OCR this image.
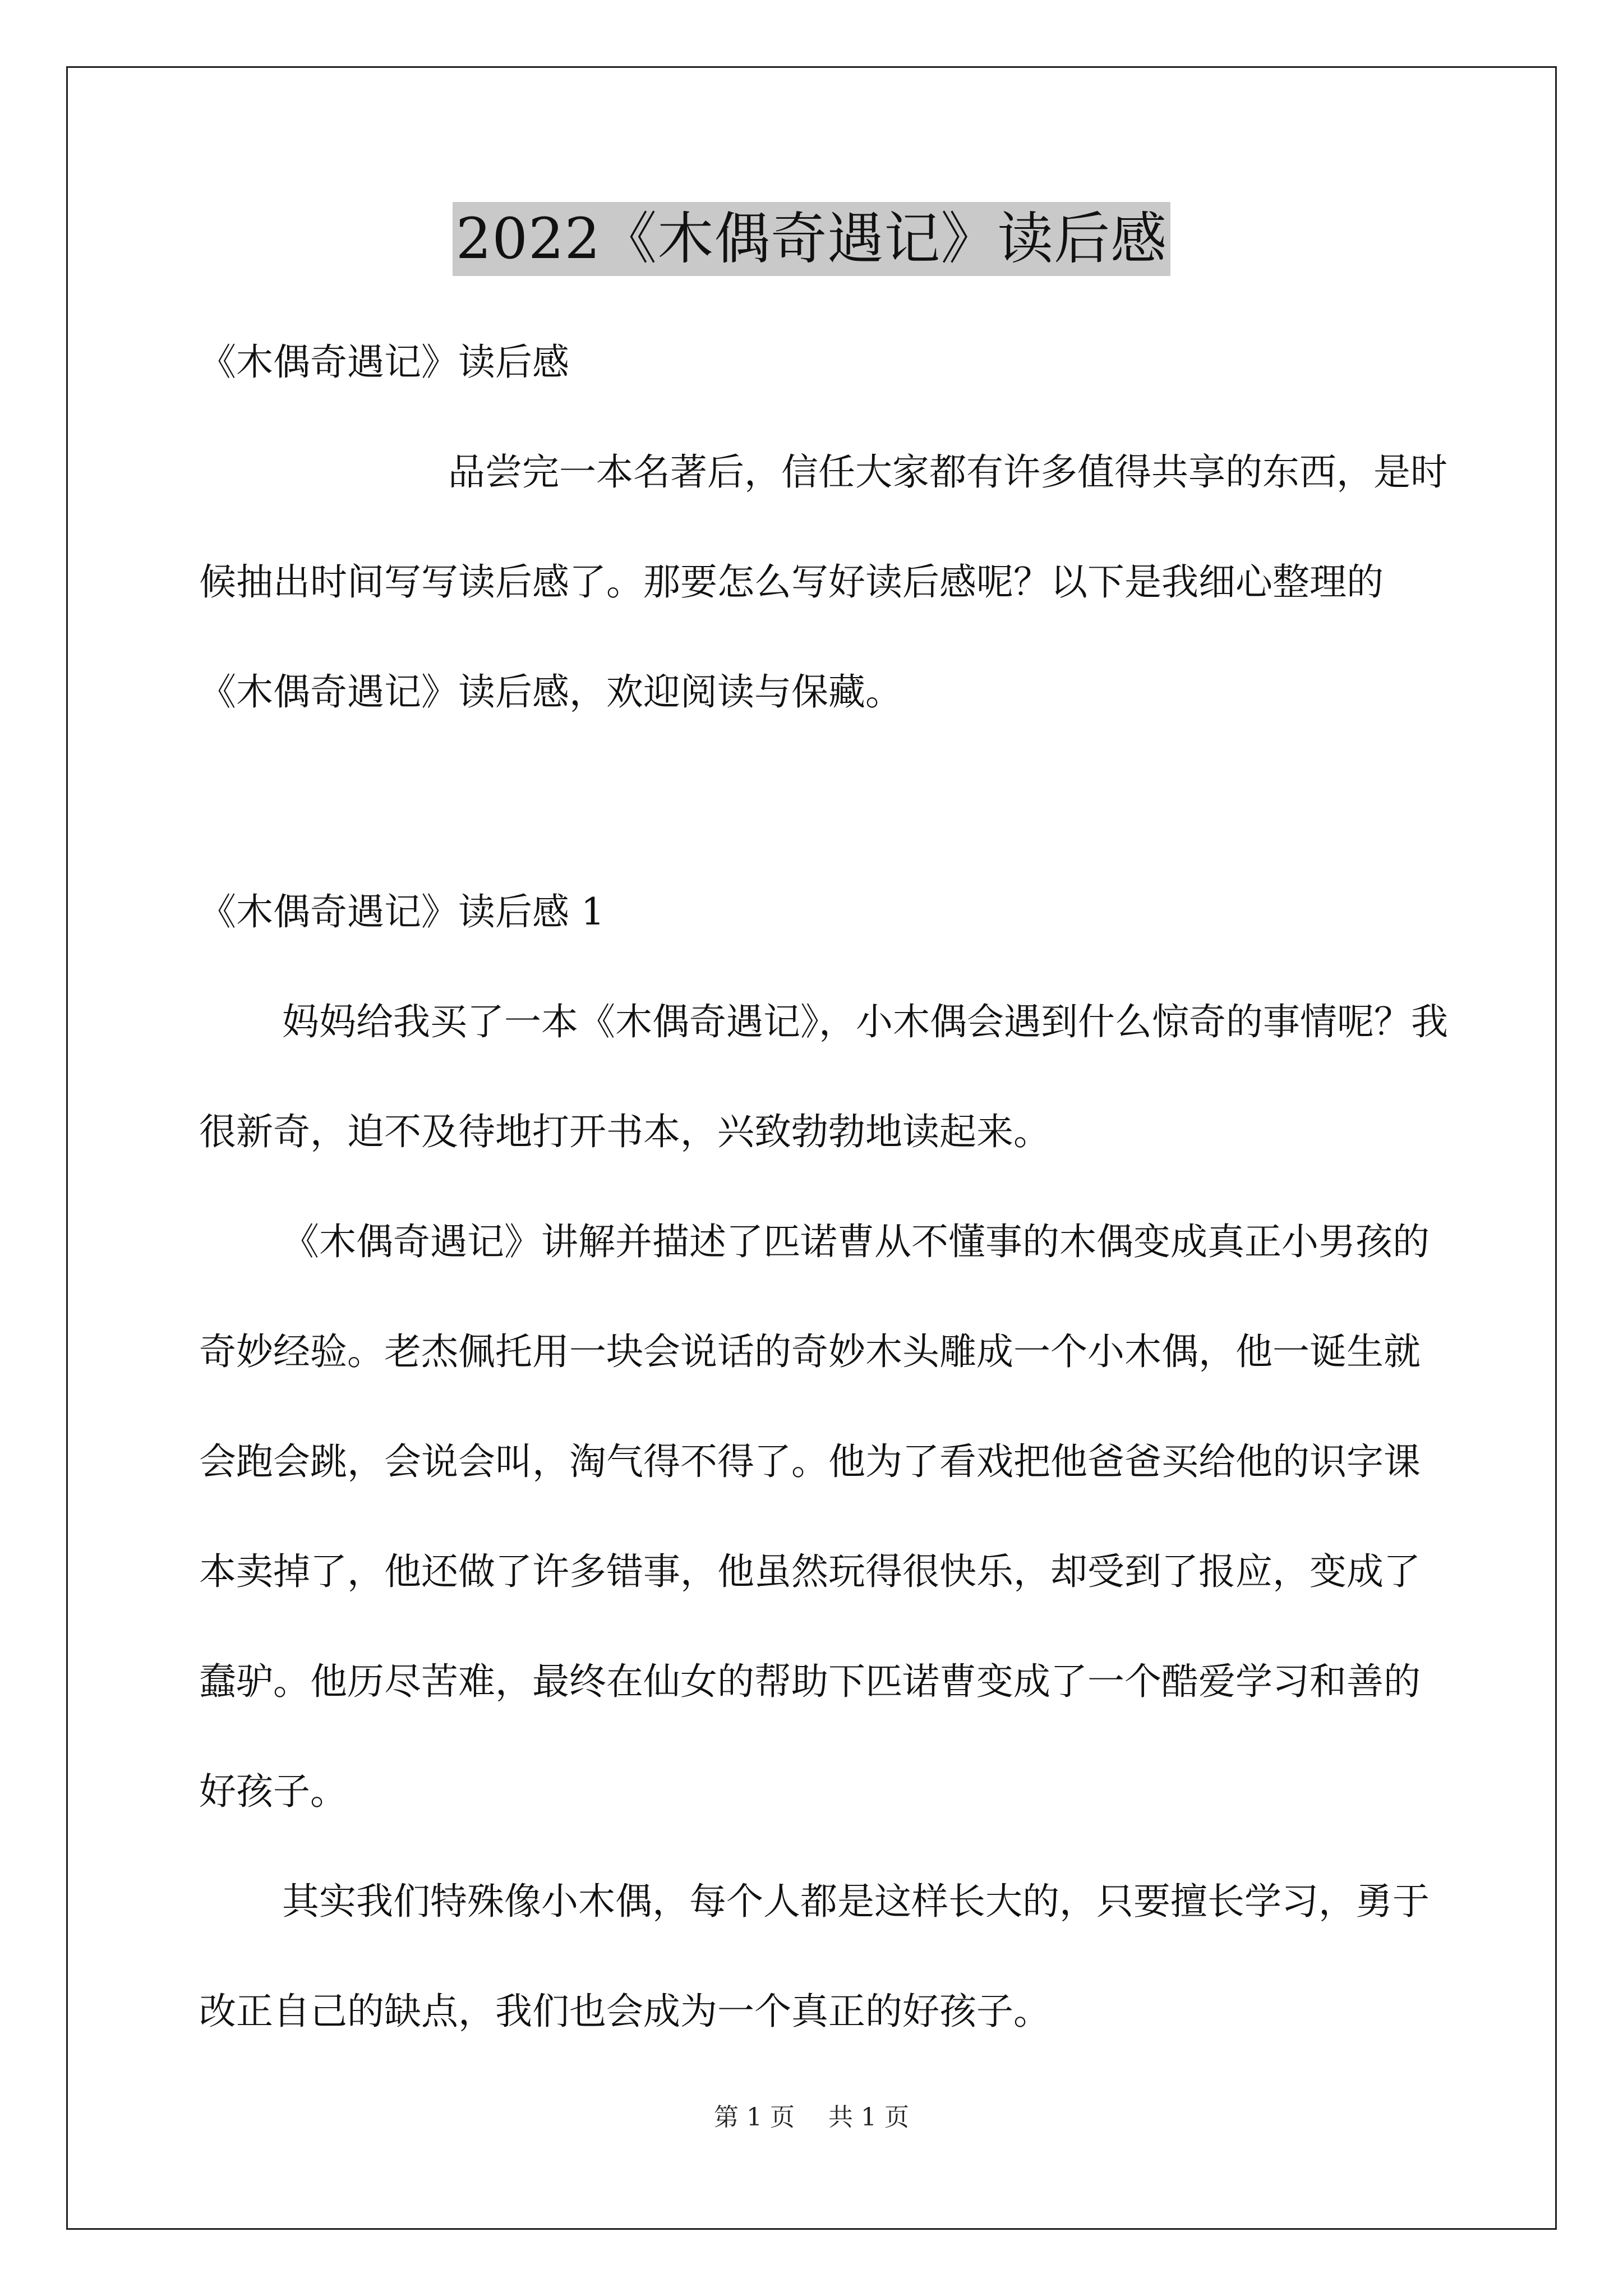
2022《木偶奇遇记》读后感

《木偶奇遇记》读后感

品尝完一本名著后，信任大家都有许多值得共享的东西，是时候抽出时间写写读后感了。那要怎么写好读后感呢？以下是我细心整理的《木偶奇遇记》读后感，欢迎阅读与保藏。

《木偶奇遇记》读后感 1

妈妈给我买了一本《木偶奇遇记》，小木偶会遇到什么惊奇的事情呢？我很新奇，迫不及待地打开书本，兴致勃勃地读起来。

《木偶奇遇记》讲解并描述了匹诺曹从不懂事的木偶变成真正小男孩的奇妙经验。老杰佩托用一块会说话的奇妙木头雕成一个小木偶，他一诞生就会跑会跳，会说会叫，淘气得不得了。他为了看戏把他爸爸买给他的识字课本卖掉了，他还做了许多错事，他虽然玩得很快乐，却受到了报应，变成了蠢驴。他历尽苦难，最终在仙女的帮助下匹诺曹变成了一个酷爱学习和善的好孩子。

其实我们特殊像小木偶，每个人都是这样长大的，只要擅长学习，勇于改正自己的缺点，我们也会成为一个真正的好孩子。

第 1 页 共 1 页
